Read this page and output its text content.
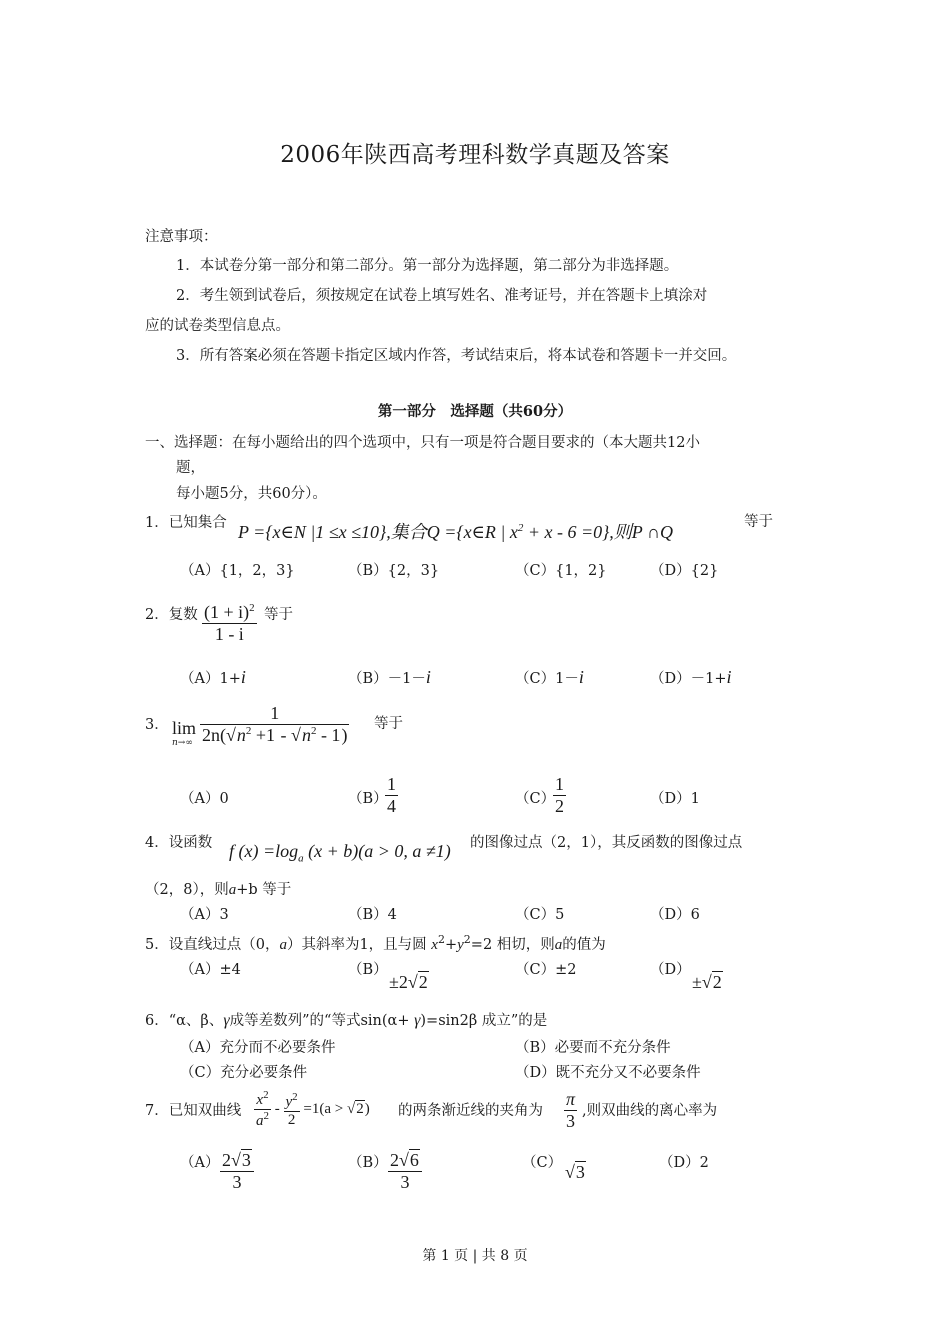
2006年陕西高考理科数学真题及答案
注意事项：
1．本试卷分第一部分和第二部分。第一部分为选择题，第二部分为非选择题。
2．考生领到试卷后，须按规定在试卷上填写姓名、准考证号，并在答题卡上填涂对
应的试卷类型信息点。
3．所有答案必须在答题卡指定区域内作答，考试结束后，将本试卷和答题卡一并交回。
第一部分　选择题（共60分）
一、选择题：在每小题给出的四个选项中，只有一项是符合题目要求的（本大题共12小
题，
每小题5分，共60分）。
1．已知集合 P ={x∈N |1 ≤x ≤10},集合Q ={x∈R | $x^2 + x - 6 =0$},则P ∩Q	等于
（A）{1，2，3}	（B）{2，3}	（C）{1，2}	（D）{2}
2．复数 $\frac{(1 + i)^2}{1 - i}$ 等于
（A）1+i	（B）－1－i	（C）1－i	（D）－1+i
3． lim
$n\to\infty \frac{1}{2n(√n^2 +1 - √n^2 - 1)}$ 等于
（A）0	（B）
$\frac{1}{4}$	（C）
$\frac{1}{2}$	（D）1
4．设函数 f $(x) =\log_a$ (x + b)(a > 0, a ≠1) 的图像过点（2，1），其反函数的图像过点
（2，8），则a+b 等于
（A）3	（B）4	（C）5	（D）6
5．设直线过点（0，a）其斜率为1，且与圆 $x^2+y^2=2$ 相切，则a的值为
（A）±4	（B）
±2√2
（C）±2	（D）
±√2
6．“α、β、γ成等差数列”的“等式sin(α+ γ)=sin2β 成立”的是
（A）充分而不必要条件	（B）必要而不充分条件
（C）充分必要条件	（D）既不充分又不必要条件
7．已知双曲线 $\frac{x^2}{a^2} - \frac{y^2}{2} =1(a > √2)$ 的两条渐近线的夹角为 $\frac{\pi}{3}$ ,则双曲线的离心率为
$(A) \frac{2√3}{3}$	$(B) \frac{2√6}{3}$	（C） √3	（D）2
第 1 页 | 共 8 页
